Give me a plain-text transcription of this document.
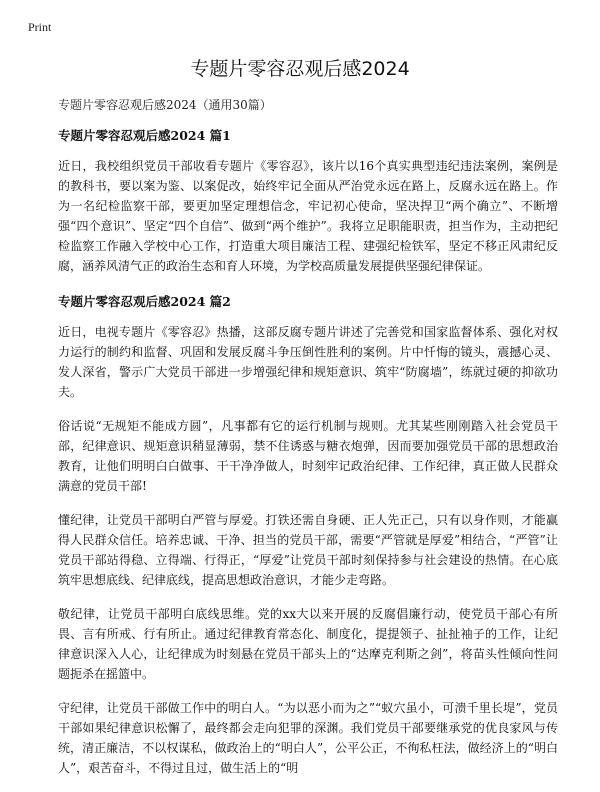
Print
专题片零容忍观后感2024
专题片零容忍观后感2024（通用30篇）
专题片零容忍观后感2024 篇1

近日，我校组织党员干部收看专题片《零容忍》，该片以16个真实典型违纪违法案例，案例是的教科书，要以案为鉴、以案促改，始终牢记全面从严治党永远在路上，反腐永远在路上。作为一名纪检监察干部，要更加坚定理想信念，牢记初心使命，坚决捍卫“两个确立”、不断增强“四个意识”、坚定“四个自信”、做到“两个维护”。我将立足职能职责，担当作为，主动把纪检监察工作融入学校中心工作，打造重大项目廉洁工程、建强纪检铁军，坚定不移正风肃纪反腐，涵养风清气正的政治生态和育人环境，为学校高质量发展提供坚强纪律保证。

专题片零容忍观后感2024 篇2

近日，电视专题片《零容忍》热播，这部反腐专题片讲述了完善党和国家监督体系、强化对权力运行的制约和监督、巩固和发展反腐斗争压倒性胜利的案例。片中忏悔的镜头，震撼心灵、发人深省，警示广大党员干部进一步增强纪律和规矩意识、筑牢“防腐墙”，练就过硬的抑欲功夫。

俗话说“无规矩不能成方圆”，凡事都有它的运行机制与规则。尤其某些刚刚踏入社会党员干部，纪律意识、规矩意识稍显薄弱，禁不住诱惑与糖衣炮弹，因而要加强党员干部的思想政治教育，让他们明明白白做事、干干净净做人，时刻牢记政治纪律、工作纪律，真正做人民群众满意的党员干部!

懂纪律，让党员干部明白严管与厚爱。打铁还需自身硬、正人先正己，只有以身作则，才能赢得人民群众信任。培养忠诚、干净、担当的党员干部，需要“严管就是厚爱”相结合，“严管”让党员干部站得稳、立得端、行得正，“厚爱”让党员干部时刻保持参与社会建设的热情。在心底筑牢思想底线、纪律底线，提高思想政治意识，才能少走弯路。

敬纪律，让党员干部明白底线思维。党的xx大以来开展的反腐倡廉行动，使党员干部心有所畏、言有所戒、行有所止。通过纪律教育常态化、制度化，提提领子、扯扯袖子的工作，让纪律意识深入人心，让纪律成为时刻悬在党员干部头上的“达摩克利斯之剑”，将苗头性倾向性问题扼杀在摇篮中。

守纪律，让党员干部做工作中的明白人。“为以恶小而为之”“蚁穴虽小，可溃千里长堤”，党员干部如果纪律意识松懈了，最终都会走向犯罪的深渊。我们党员干部要继承党的优良家风与传统，清正廉洁，不以权谋私，做政治上的“明白人”，公平公正，不徇私枉法，做经济上的“明白人”，艰苦奋斗，不得过且过，做生活上的“明
